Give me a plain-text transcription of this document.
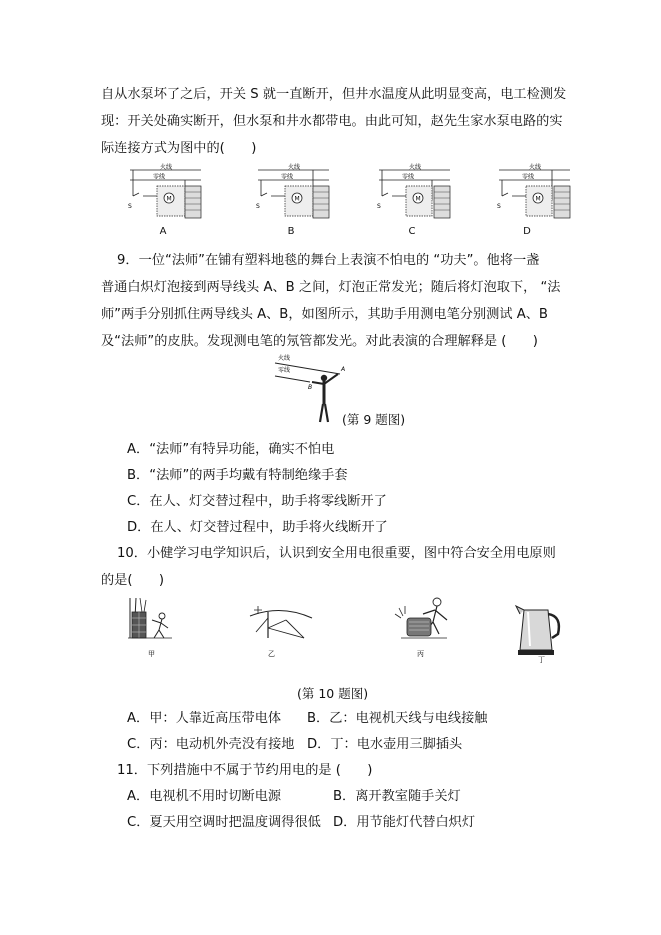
自从水泵坏了之后，开关 S 就一直断开，但井水温度从此明显变高，电工检测发
现：开关处确实断开，但水泵和井水都带电。由此可知，赵先生家水泵电路的实
际连接方式为图中的(　　)
火线
零线
S
M
A
火线
零线
S
M
B
火线
零线
S
M
C
火线
零线
S
M
D
9．一位“法师”在铺有塑料地毯的舞台上表演不怕电的 “功夫”。他将一盏
普通白炽灯泡接到两导线头 A、B 之间，灯泡正常发光；随后将灯泡取下， “法
师”两手分别抓住两导线头 A、B，如图所示，其助手用测电笔分别测试 A、B
及“法师”的皮肤。发现测电笔的氖管都发光。对此表演的合理解释是 (　　)
火线
零线	A
B
(第 9 题图)
A．“法师”有特异功能，确实不怕电
B．“法师”的两手均戴有特制绝缘手套
C．在人、灯交替过程中，助手将零线断开了
D．在人、灯交替过程中，助手将火线断开了
10．小健学习电学知识后，认识到安全用电很重要，图中符合安全用电原则
的是(　　)
甲	乙	丙
丁
(第 10 题图)
A．甲：人靠近高压带电体 B．乙：电视机天线与电线接触
C．丙：电动机外壳没有接地 D．丁：电水壶用三脚插头
11．下列措施中不属于节约用电的是 (　　)
A．电视机不用时切断电源	B．离开教室随手关灯
C．夏天用空调时把温度调得很低 D．用节能灯代替白炽灯
